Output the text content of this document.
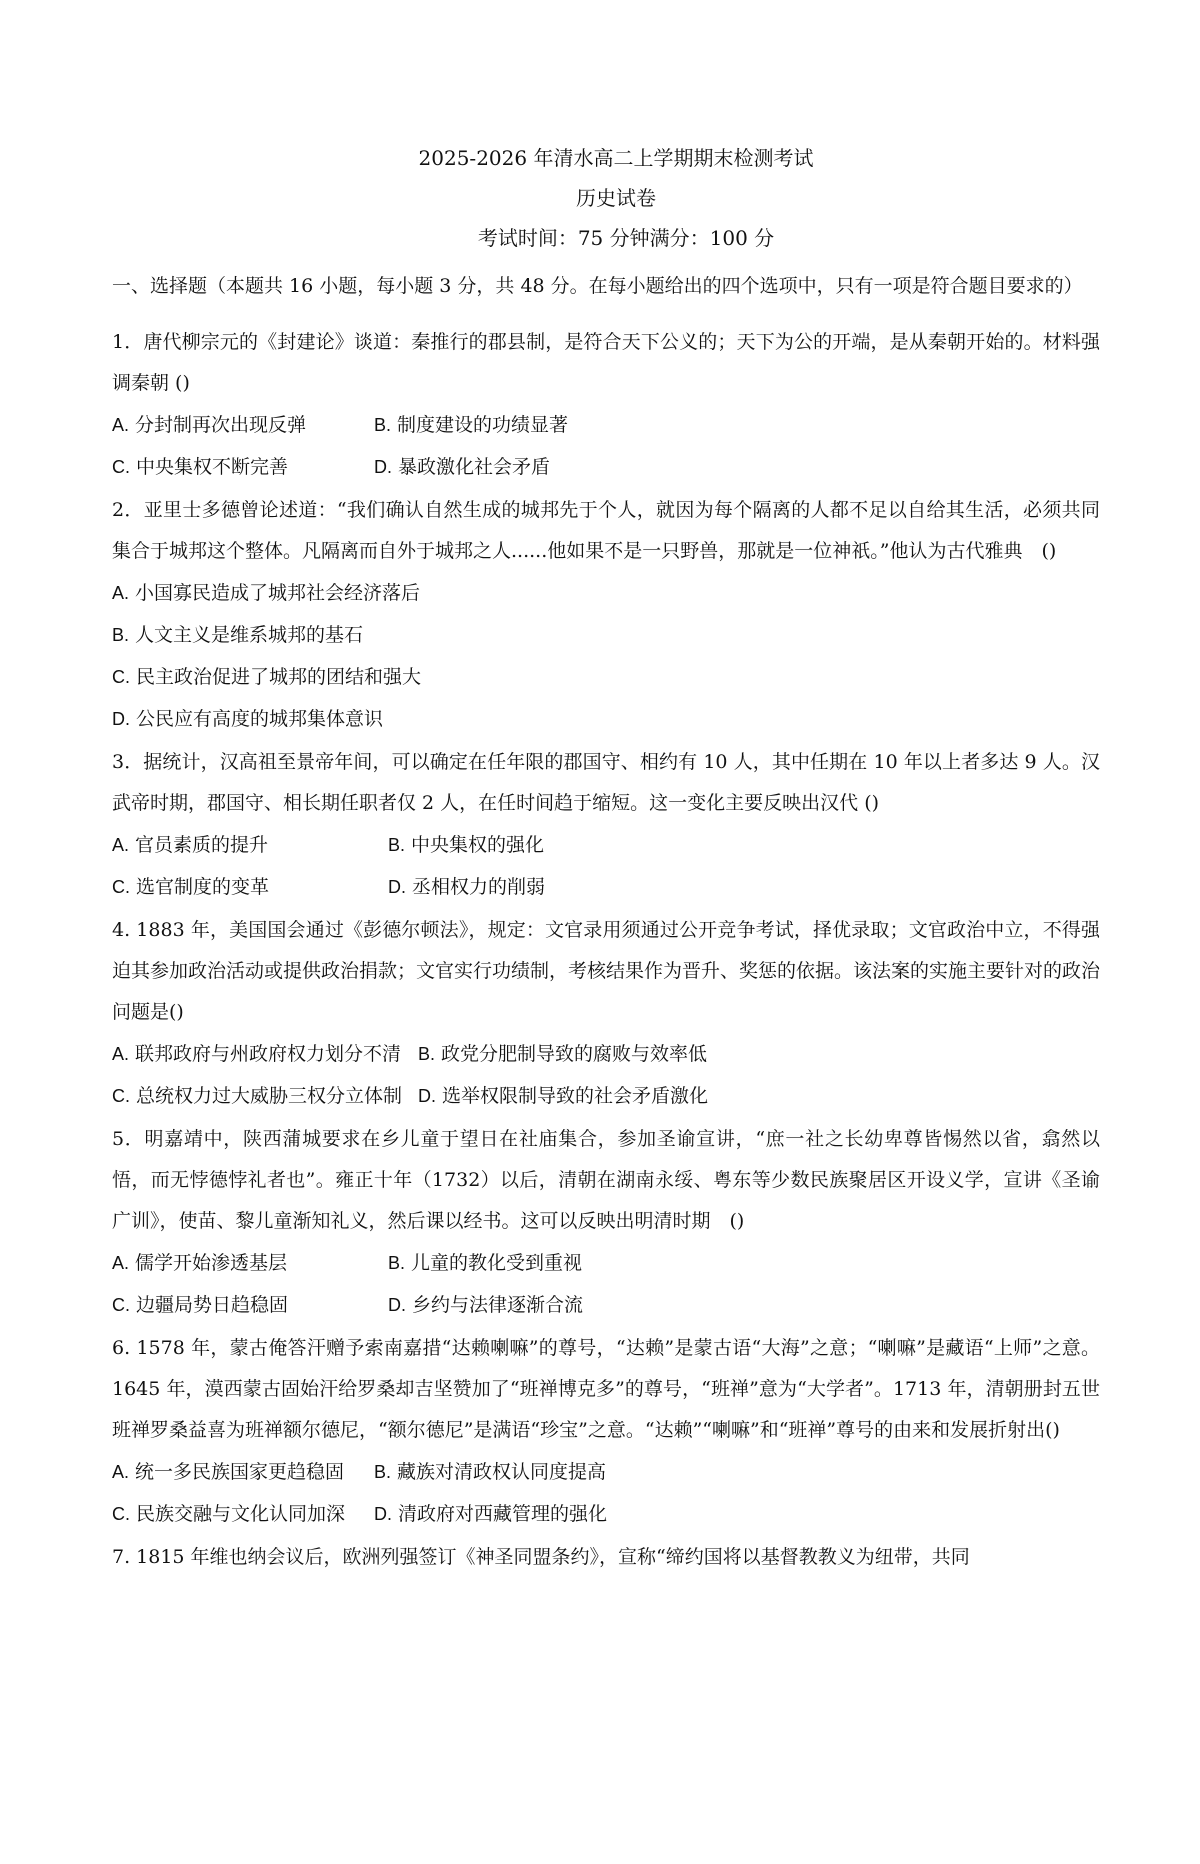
2025-2026 年清水高二上学期期末检测考试
历史试卷
考试时间：75 分钟满分：100 分
一、选择题（本题共 16 小题，每小题 3 分，共 48 分。在每小题给出的四个选项中，只有一项是符合题目要求的）
1．唐代柳宗元的《封建论》谈道：秦推行的郡县制，是符合天下公义的；天下为公的开端，是从秦朝开始的。材料强调秦朝 ()
A. 分封制再次出现反弹	B. 制度建设的功绩显著
C. 中央集权不断完善	D. 暴政激化社会矛盾
2．亚里士多德曾论述道：“我们确认自然生成的城邦先于个人，就因为每个隔离的人都不足以自给其生活，必须共同集合于城邦这个整体。凡隔离而自外于城邦之人......他如果不是一只野兽，那就是一位神祇。”他认为古代雅典　()
A. 小国寡民造成了城邦社会经济落后
B. 人文主义是维系城邦的基石
C. 民主政治促进了城邦的团结和强大
D. 公民应有高度的城邦集体意识
3．据统计，汉高祖至景帝年间，可以确定在任年限的郡国守、相约有 10 人，其中任期在 10 年以上者多达 9 人。汉武帝时期，郡国守、相长期任职者仅 2 人，在任时间趋于缩短。这一变化主要反映出汉代 ()
A. 官员素质的提升	B. 中央集权的强化
C. 选官制度的变革	D. 丞相权力的削弱
4. 1883 年，美国国会通过《彭德尔顿法》，规定：文官录用须通过公开竞争考试，择优录取；文官政治中立，不得强迫其参加政治活动或提供政治捐款；文官实行功绩制，考核结果作为晋升、奖惩的依据。该法案的实施主要针对的政治问题是()
A. 联邦政府与州政府权力划分不清 B. 政党分肥制导致的腐败与效率低
C. 总统权力过大威胁三权分立体制 D. 选举权限制导致的社会矛盾激化
5．明嘉靖中，陕西蒲城要求在乡儿童于望日在社庙集合，参加圣谕宣讲，“庶一社之长幼卑尊皆惕然以省，翕然以悟，而无悖德悖礼者也”。雍正十年（1732）以后，清朝在湖南永绥、粤东等少数民族聚居区开设义学，宣讲《圣谕广训》，使苗、黎儿童渐知礼义，然后课以经书。这可以反映出明清时期　()
A. 儒学开始渗透基层	B. 儿童的教化受到重视
C. 边疆局势日趋稳固	D. 乡约与法律逐渐合流
6. 1578 年，蒙古俺答汗赠予索南嘉措“达赖喇嘛”的尊号，“达赖”是蒙古语“大海”之意；“喇嘛”是藏语“上师”之意。1645 年，漠西蒙古固始汗给罗桑却吉坚赞加了“班禅博克多”的尊号，“班禅”意为“大学者”。1713 年，清朝册封五世班禅罗桑益喜为班禅额尔德尼，“额尔德尼”是满语“珍宝”之意。“达赖”“喇嘛”和“班禅”尊号的由来和发展折射出()
A. 统一多民族国家更趋稳固	B. 藏族对清政权认同度提高
C. 民族交融与文化认同加深	D. 清政府对西藏管理的强化
7. 1815 年维也纳会议后，欧洲列强签订《神圣同盟条约》，宣称“缔约国将以基督教教义为纽带，共同
